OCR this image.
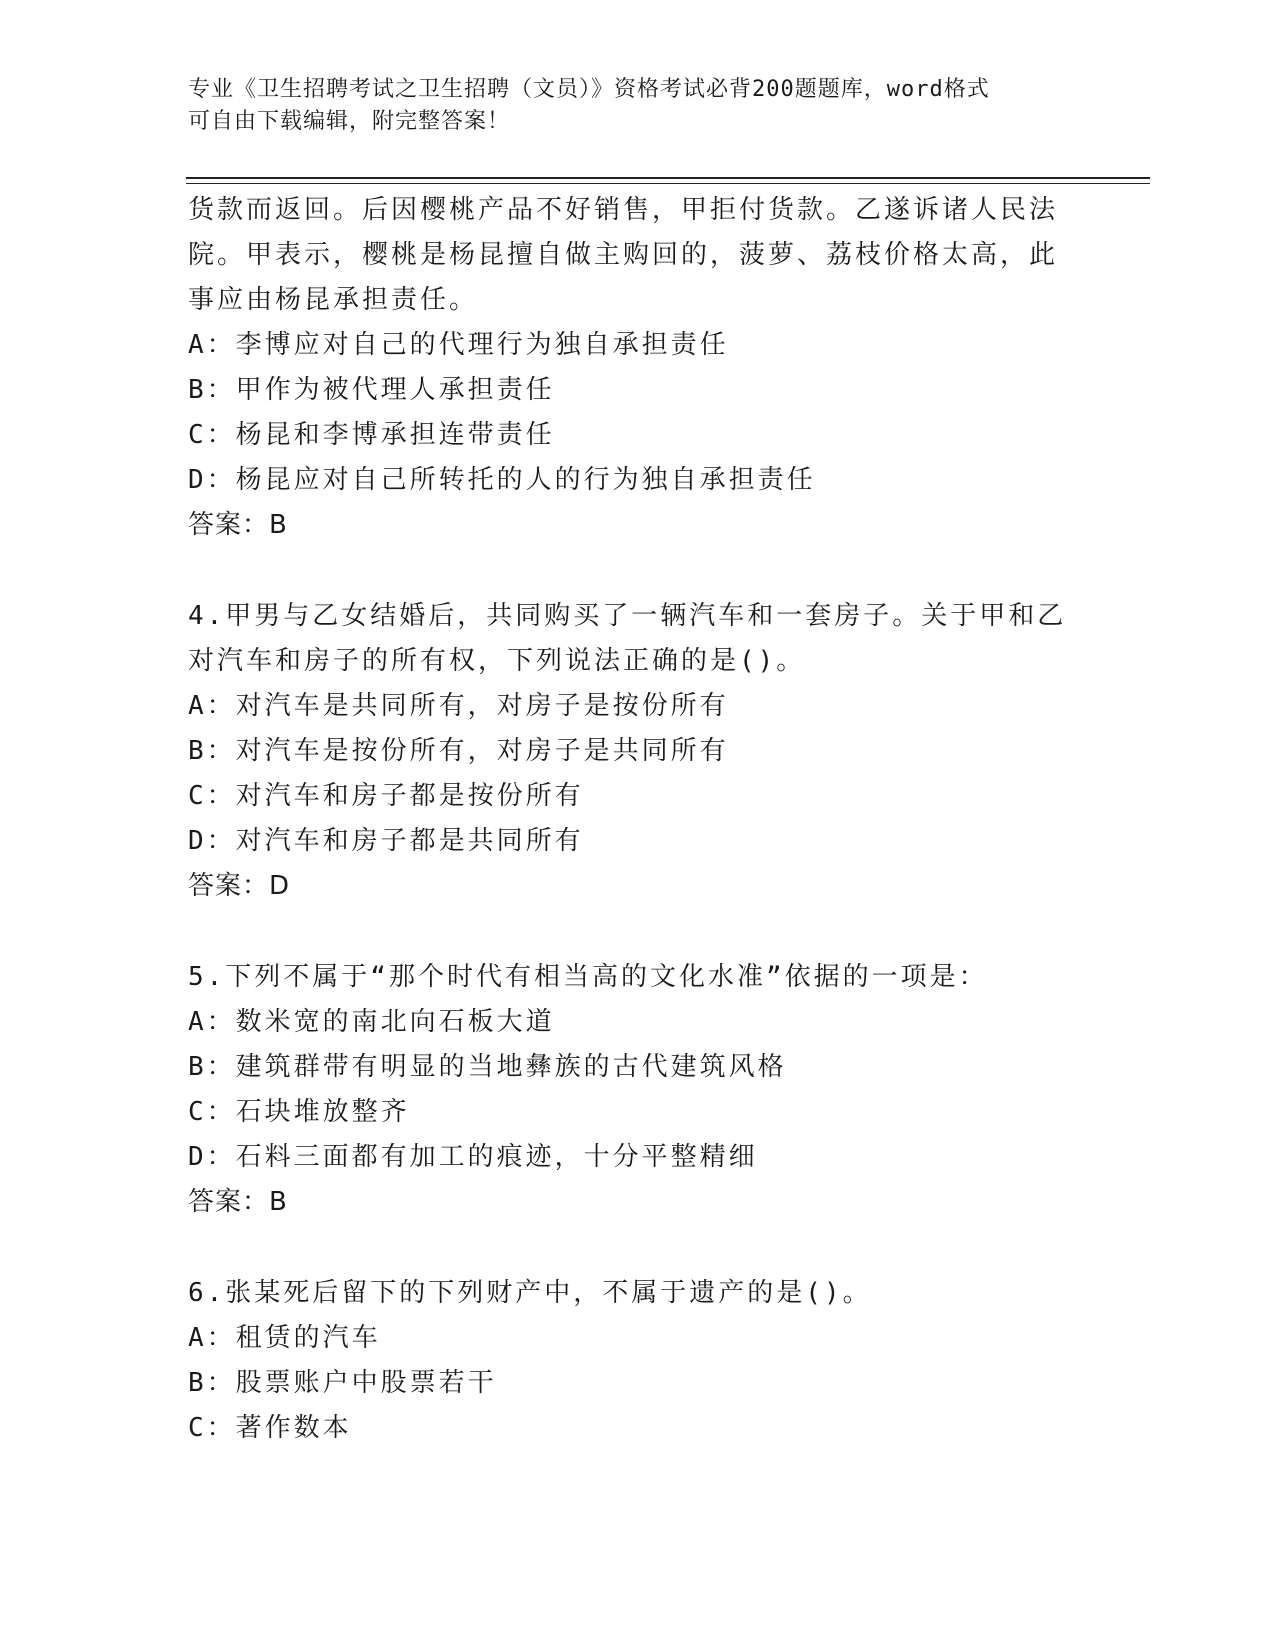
专业《卫生招聘考试之卫生招聘（文员）》资格考试必背200题题库，word格式
可自由下载编辑，附完整答案！
货款而返回。后因樱桃产品不好销售，甲拒付货款。乙遂诉诸人民法
院。甲表示，樱桃是杨昆擅自做主购回的，菠萝、荔枝价格太高，此
事应由杨昆承担责任。
A：李博应对自己的代理行为独自承担责任
B：甲作为被代理人承担责任
C：杨昆和李博承担连带责任
D：杨昆应对自己所转托的人的行为独自承担责任
答案：B
4.甲男与乙女结婚后，共同购买了一辆汽车和一套房子。关于甲和乙
对汽车和房子的所有权，下列说法正确的是()。
A：对汽车是共同所有，对房子是按份所有
B：对汽车是按份所有，对房子是共同所有
C：对汽车和房子都是按份所有
D：对汽车和房子都是共同所有
答案：D
5.下列不属于“那个时代有相当高的文化水准”依据的一项是：
A：数米宽的南北向石板大道
B：建筑群带有明显的当地彝族的古代建筑风格
C：石块堆放整齐
D：石料三面都有加工的痕迹，十分平整精细
答案：B
6.张某死后留下的下列财产中，不属于遗产的是()。
A：租赁的汽车
B：股票账户中股票若干
C：著作数本
